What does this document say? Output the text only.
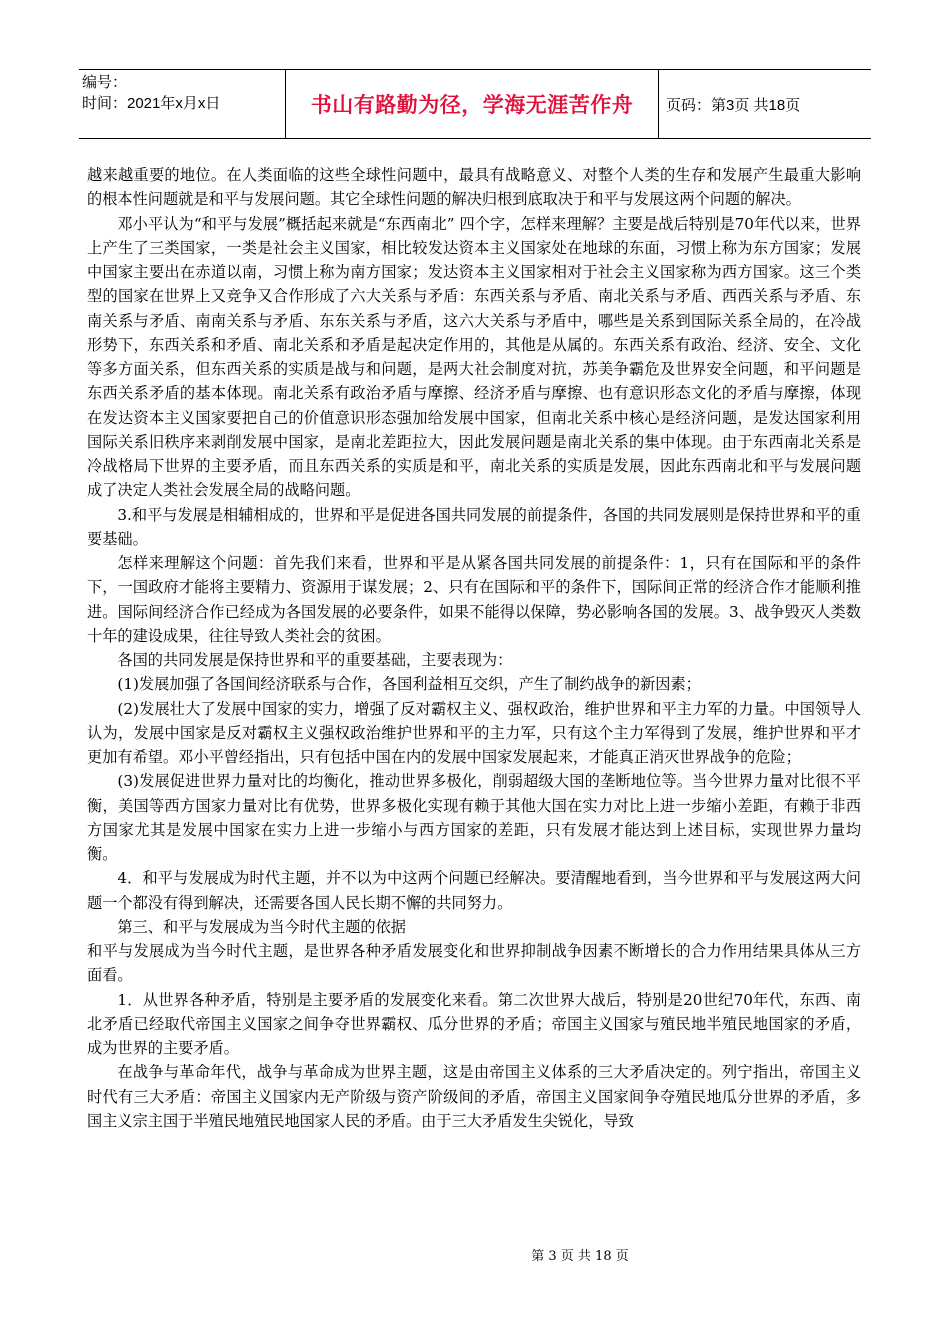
编号：
时间：2021年x月x日	书山有路勤为径，学海无涯苦作舟 页码：第3页 共18页

越来越重要的地位。在人类面临的这些全球性问题中，最具有战略意义、对整个人类的生存和发展产生最重大影响的根本性问题就是和平与发展问题。其它全球性问题的解决归根到底取决于和平与发展这两个问题的解决。

邓小平认为“和平与发展”概括起来就是“东西南北” 四个字，怎样来理解？主要是战后特别是70年代以来，世界上产生了三类国家，一类是社会主义国家，相比较发达资本主义国家处在地球的东面，习惯上称为东方国家；发展中国家主要出在赤道以南，习惯上称为南方国家；发达资本主义国家相对于社会主义国家称为西方国家。这三个类型的国家在世界上又竞争又合作形成了六大关系与矛盾：东西关系与矛盾、南北关系与矛盾、西西关系与矛盾、东南关系与矛盾、南南关系与矛盾、东东关系与矛盾，这六大关系与矛盾中，哪些是关系到国际关系全局的，在冷战形势下，东西关系和矛盾、南北关系和矛盾是起决定作用的，其他是从属的。东西关系有政治、经济、安全、文化等多方面关系，但东西关系的实质是战与和问题，是两大社会制度对抗，苏美争霸危及世界安全问题，和平问题是东西关系矛盾的基本体现。南北关系有政治矛盾与摩擦、经济矛盾与摩擦、也有意识形态文化的矛盾与摩擦，体现在发达资本主义国家要把自己的价值意识形态强加给发展中国家，但南北关系中核心是经济问题，是发达国家利用国际关系旧秩序来剥削发展中国家，是南北差距拉大，因此发展问题是南北关系的集中体现。由于东西南北关系是冷战格局下世界的主要矛盾，而且东西关系的实质是和平，南北关系的实质是发展，因此东西南北和平与发展问题成了决定人类社会发展全局的战略问题。

3.和平与发展是相辅相成的，世界和平是促进各国共同发展的前提条件，各国的共同发展则是保持世界和平的重要基础。

怎样来理解这个问题：首先我们来看，世界和平是从紧各国共同发展的前提条件：1，只有在国际和平的条件下，一国政府才能将主要精力、资源用于谋发展；2、只有在国际和平的条件下，国际间正常的经济合作才能顺利推进。国际间经济合作已经成为各国发展的必要条件，如果不能得以保障，势必影响各国的发展。3、战争毁灭人类数十年的建设成果，往往导致人类社会的贫困。

各国的共同发展是保持世界和平的重要基础，主要表现为：

(1)发展加强了各国间经济联系与合作，各国利益相互交织，产生了制约战争的新因素；

(2)发展壮大了发展中国家的实力，增强了反对霸权主义、强权政治，维护世界和平主力军的力量。中国领导人认为，发展中国家是反对霸权主义强权政治维护世界和平的主力军，只有这个主力军得到了发展，维护世界和平才更加有希望。邓小平曾经指出，只有包括中国在内的发展中国家发展起来，才能真正消灭世界战争的危险；

(3)发展促进世界力量对比的均衡化，推动世界多极化，削弱超级大国的垄断地位等。当今世界力量对比很不平衡，美国等西方国家力量对比有优势，世界多极化实现有赖于其他大国在实力对比上进一步缩小差距，有赖于非西方国家尤其是发展中国家在实力上进一步缩小与西方国家的差距，只有发展才能达到上述目标，实现世界力量均衡。

4．和平与发展成为时代主题，并不以为中这两个问题已经解决。要清醒地看到，当今世界和平与发展这两大问题一个都没有得到解决，还需要各国人民长期不懈的共同努力。

第三、和平与发展成为当今时代主题的依据

和平与发展成为当今时代主题，是世界各种矛盾发展变化和世界抑制战争因素不断增长的合力作用结果具体从三方面看。

1．从世界各种矛盾，特别是主要矛盾的发展变化来看。第二次世界大战后，特别是20世纪70年代，东西、南北矛盾已经取代帝国主义国家之间争夺世界霸权、瓜分世界的矛盾；帝国主义国家与殖民地半殖民地国家的矛盾，成为世界的主要矛盾。

在战争与革命年代，战争与革命成为世界主题，这是由帝国主义体系的三大矛盾决定的。列宁指出，帝国主义时代有三大矛盾：帝国主义国家内无产阶级与资产阶级间的矛盾，帝国主义国家间争夺殖民地瓜分世界的矛盾，多国主义宗主国于半殖民地殖民地国家人民的矛盾。由于三大矛盾发生尖锐化，导致

第 3 页 共 18 页
